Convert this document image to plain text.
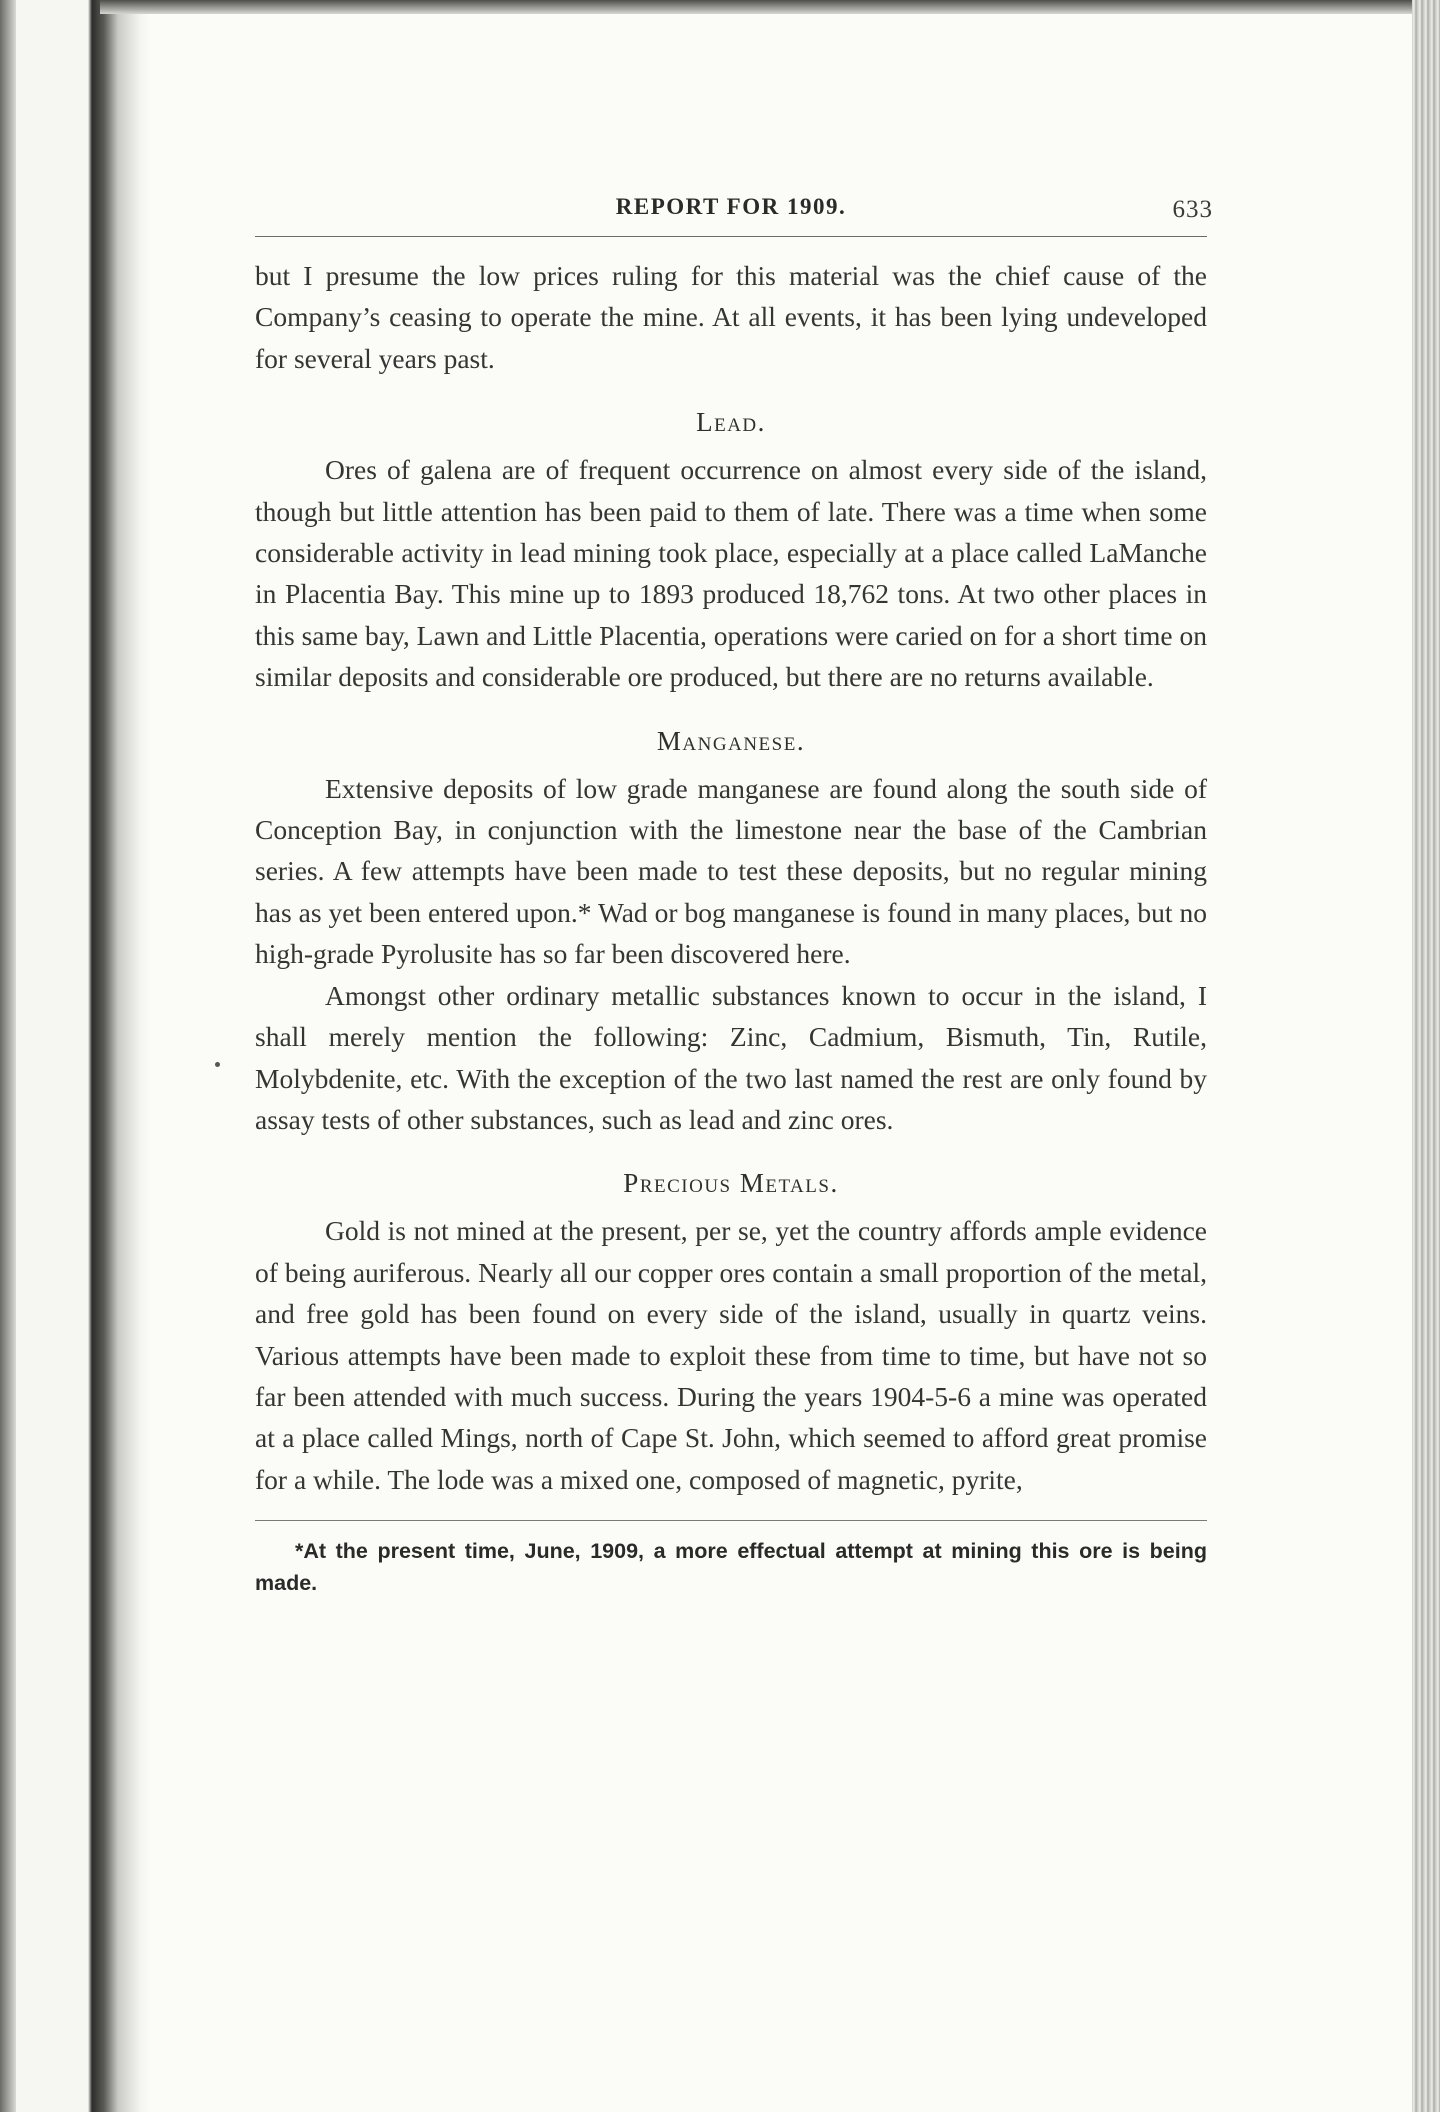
REPORT FOR 1909.	633

but I presume the low prices ruling for this material was the chief cause of the Company’s ceasing to operate the mine. At all events, it has been lying undeveloped for several years past.

Lead.

Ores of galena are of frequent occurrence on almost every side of the island, though but little attention has been paid to them of late. There was a time when some considerable activity in lead mining took place, especially at a place called LaManche in Placentia Bay. This mine up to 1893 produced 18,762 tons. At two other places in this same bay, Lawn and Little Placentia, operations were caried on for a short time on similar deposits and considerable ore produced, but there are no returns available.

Manganese.

Extensive deposits of low grade manganese are found along the south side of Conception Bay, in conjunction with the limestone near the base of the Cambrian series. A few attempts have been made to test these deposits, but no regular mining has as yet been entered upon.* Wad or bog manganese is found in many places, but no high-grade Pyrolusite has so far been discovered here.

Amongst other ordinary metallic substances known to occur in the island, I shall merely mention the following: Zinc, Cadmium, Bismuth, Tin, Rutile, Molybdenite, etc. With the exception of the two last named the rest are only found by assay tests of other substances, such as lead and zinc ores.

Precious Metals.

Gold is not mined at the present, per se, yet the country affords ample evidence of being auriferous. Nearly all our copper ores contain a small proportion of the metal, and free gold has been found on every side of the island, usually in quartz veins. Various attempts have been made to exploit these from time to time, but have not so far been attended with much success. During the years 1904-5-6 a mine was operated at a place called Mings, north of Cape St. John, which seemed to afford great promise for a while. The lode was a mixed one, composed of magnetic, pyrite,

*At the present time, June, 1909, a more effectual attempt at mining this ore is being made.
